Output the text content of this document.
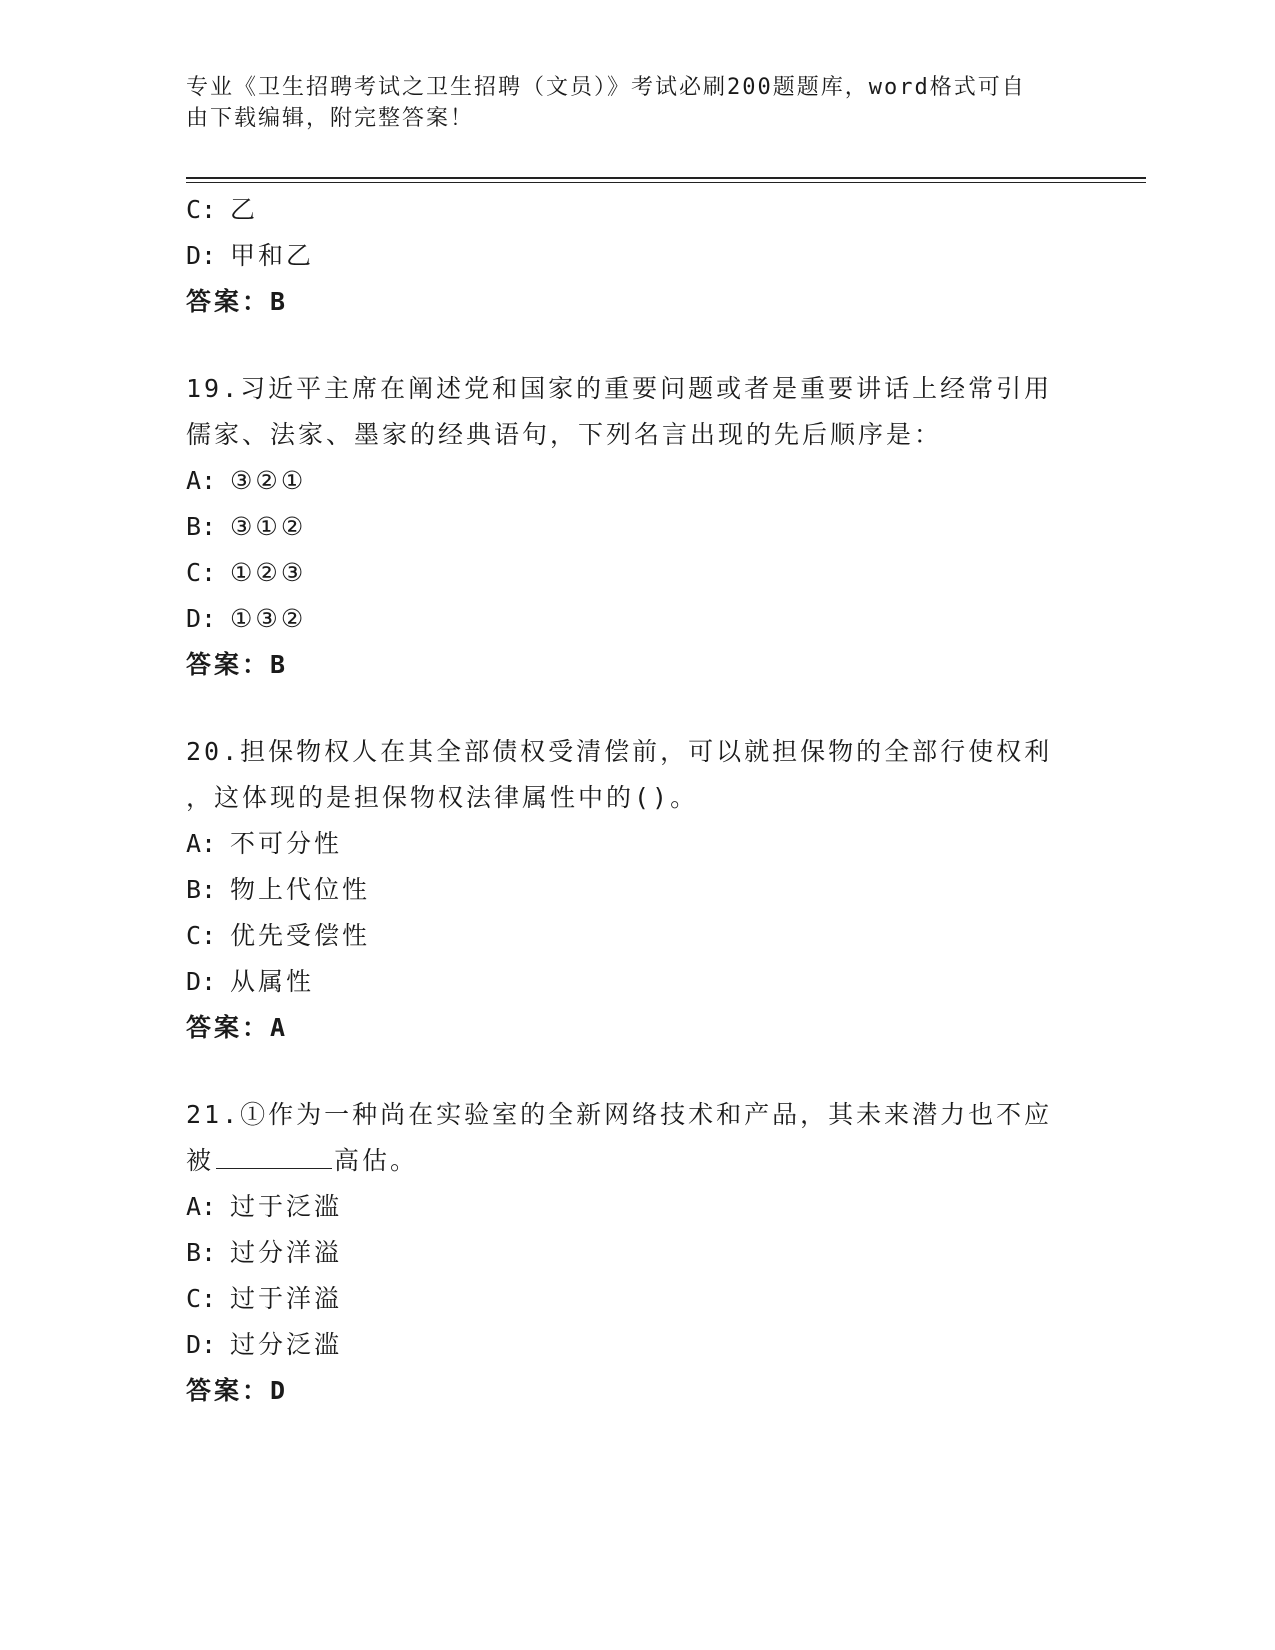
专业《卫生招聘考试之卫生招聘（文员）》考试必刷200题题库，word格式可自
由下载编辑，附完整答案！
C: 乙
D: 甲和乙
答案：B
19.习近平主席在阐述党和国家的重要问题或者是重要讲话上经常引用
儒家、法家、墨家的经典语句，下列名言出现的先后顺序是：
A: ③②①
B: ③①②
C: ①②③
D: ①③②
答案：B
20.担保物权人在其全部债权受清偿前，可以就担保物的全部行使权利
，这体现的是担保物权法律属性中的()。
A: 不可分性
B: 物上代位性
C: 优先受偿性
D: 从属性
答案：A
21.①作为一种尚在实验室的全新网络技术和产品，其未来潜力也不应
被	高估。
A: 过于泛滥
B: 过分洋溢
C: 过于洋溢
D: 过分泛滥
答案：D
